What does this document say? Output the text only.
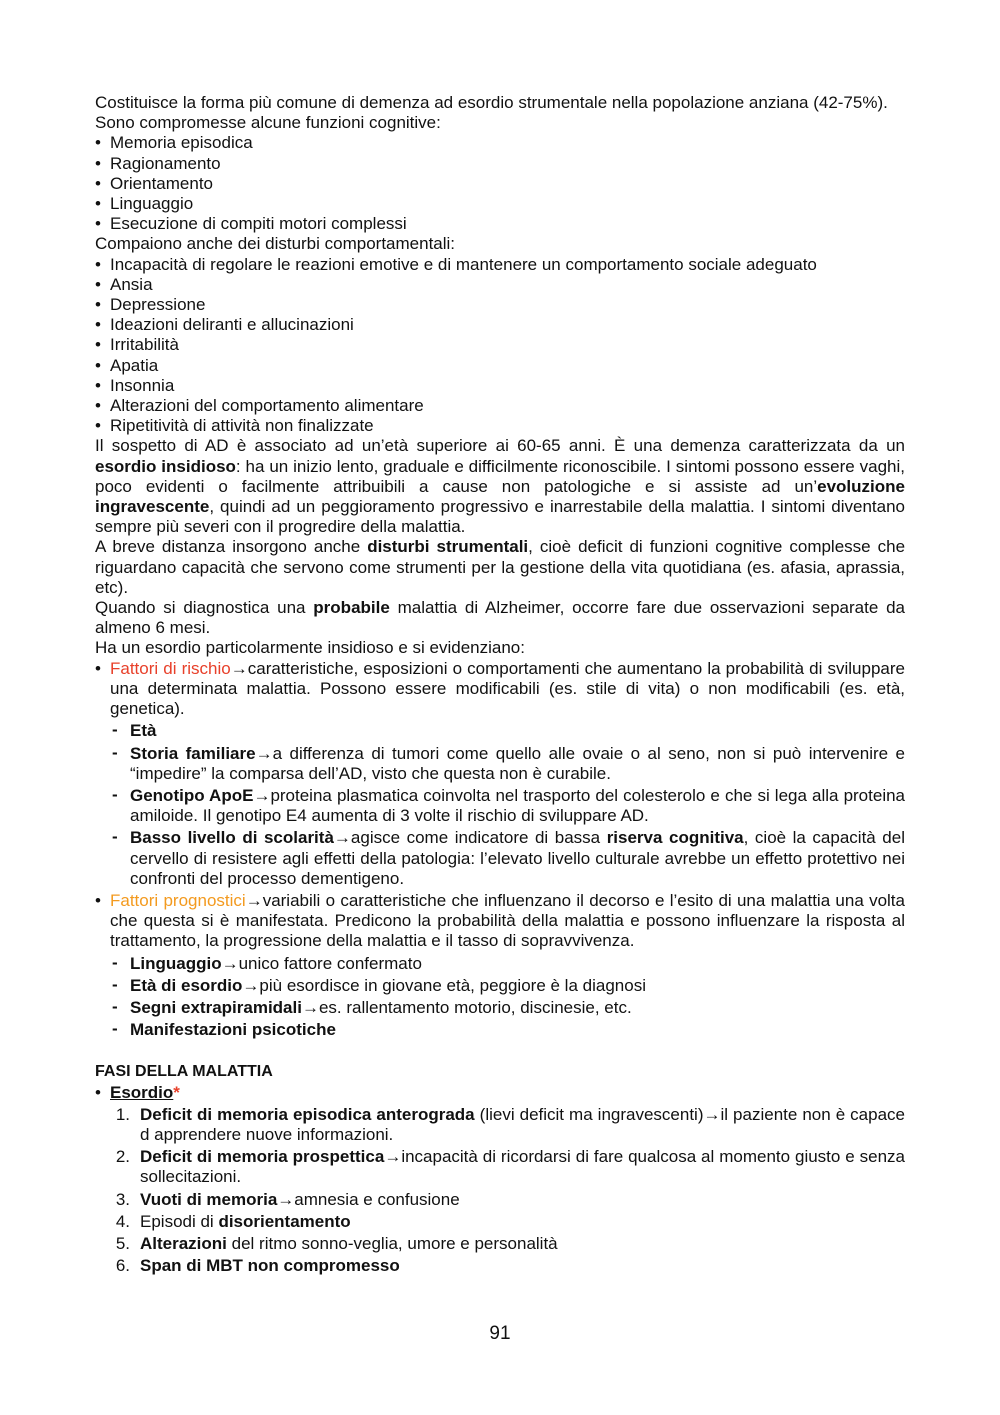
Costituisce la forma più comune di demenza ad esordio strumentale nella popolazione anziana (42-75%).
Sono compromesse alcune funzioni cognitive:
• Memoria episodica
• Ragionamento
• Orientamento
• Linguaggio
• Esecuzione di compiti motori complessi
Compaiono anche dei disturbi comportamentali:
• Incapacità di regolare le reazioni emotive e di mantenere un comportamento sociale adeguato
• Ansia
• Depressione
• Ideazioni deliranti e allucinazioni
• Irritabilità
• Apatia
• Insonnia
• Alterazioni del comportamento alimentare
• Ripetitività di attività non finalizzate
Il sospetto di AD è associato ad un’età superiore ai 60-65 anni. È una demenza caratterizzata da un esordio insidioso: ha un inizio lento, graduale e difficilmente riconoscibile. I sintomi possono essere vaghi, poco evidenti o facilmente attribuibili a cause non patologiche e si assiste ad un’evoluzione ingravescente, quindi ad un peggioramento progressivo e inarrestabile della malattia. I sintomi diventano sempre più severi con il progredire della malattia.
A breve distanza insorgono anche disturbi strumentali, cioè deficit di funzioni cognitive complesse che riguardano capacità che servono come strumenti per la gestione della vita quotidiana (es. afasia, aprassia, etc).
Quando si diagnostica una probabile malattia di Alzheimer, occorre fare due osservazioni separate da almeno 6 mesi.
Ha un esordio particolarmente insidioso e si evidenziano:
• Fattori di rischio→caratteristiche, esposizioni o comportamenti che aumentano la probabilità di sviluppare una determinata malattia. Possono essere modificabili (es. stile di vita) o non modificabili (es. età, genetica).
- Età
- Storia familiare→a differenza di tumori come quello alle ovaie o al seno, non si può intervenire e “impedire” la comparsa dell’AD, visto che questa non è curabile.
- Genotipo ApoE→proteina plasmatica coinvolta nel trasporto del colesterolo e che si lega alla proteina amiloide. Il genotipo E4 aumenta di 3 volte il rischio di sviluppare AD.
- Basso livello di scolarità→agisce come indicatore di bassa riserva cognitiva, cioè la capacità del cervello di resistere agli effetti della patologia: l’elevato livello culturale avrebbe un effetto protettivo nei confronti del processo dementigeno.
• Fattori prognostici→variabili o caratteristiche che influenzano il decorso e l’esito di una malattia una volta che questa si è manifestata. Predicono la probabilità della malattia e possono influenzare la risposta al trattamento, la progressione della malattia e il tasso di sopravvivenza.
- Linguaggio→unico fattore confermato
- Età di esordio→più esordisce in giovane età, peggiore è la diagnosi
- Segni extrapiramidali→es. rallentamento motorio, discinesie, etc.
- Manifestazioni psicotiche
FASI DELLA MALATTIA
• Esordio*
1. Deficit di memoria episodica anterograda (lievi deficit ma ingravescenti)→il paziente non è capace d apprendere nuove informazioni.
2. Deficit di memoria prospettica→incapacità di ricordarsi di fare qualcosa al momento giusto e senza sollecitazioni.
3. Vuoti di memoria→amnesia e confusione
4. Episodi di disorientamento
5. Alterazioni del ritmo sonno-veglia, umore e personalità
6. Span di MBT non compromesso
91
